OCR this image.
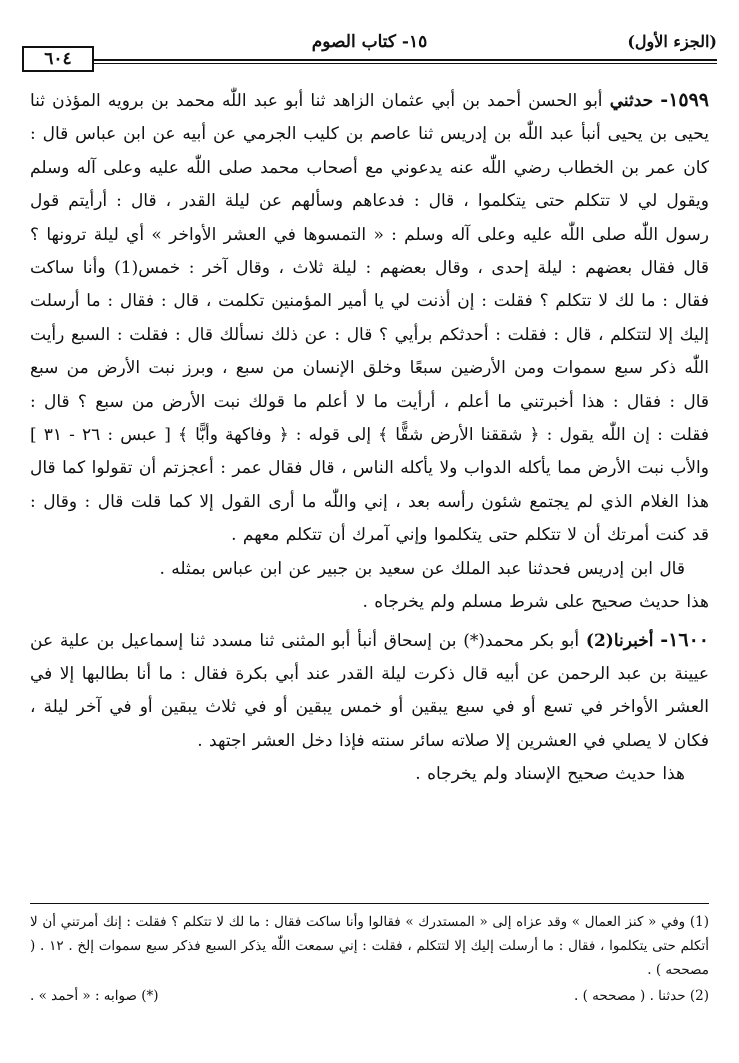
(الجزء الأول)
١٥- كتاب الصوم
٦٠٤

١٥٩٩- حدثني أبو الحسن أحمد بن أبي عثمان الزاهد ثنا أبو عبد اللّٰه محمد بن برويه المؤذن ثنا يحيى بن يحيى أنبأ عبد اللّٰه بن إدريس ثنا عاصم بن كليب الجرمي عن أبيه عن ابن عباس قال : كان عمر بن الخطاب رضي اللّٰه عنه يدعوني مع أصحاب محمد صلى اللّٰه عليه وعلى آله وسلم ويقول لي لا تتكلم حتى يتكلموا ، قال : فدعاهم وسألهم عن ليلة القدر ، قال : أرأيتم قول رسول اللّٰه صلى اللّٰه عليه وعلى آله وسلم : « التمسوها في العشر الأواخر » أي ليلة ترونها ؟ قال فقال بعضهم : ليلة إحدى ، وقال بعضهم : ليلة ثلاث ، وقال آخر : خمس(1) وأنا ساكت فقال : ما لك لا تتكلم ؟ فقلت : إن أذنت لي يا أمير المؤمنين تكلمت ، قال : فقال : ما أرسلت إليك إلا لتتكلم ، قال : فقلت : أحدثكم برأيي ؟ قال : عن ذلك نسألك قال : فقلت : السبع رأيت اللّٰه ذكر سبع سموات ومن الأرضين سبعًا وخلق الإنسان من سبع ، وبرز نبت الأرض من سبع قال : فقال : هذا أخبرتني ما أعلم ، أرأيت ما لا أعلم ما قولك نبت الأرض من سبع ؟ قال : فقلت : إن اللّٰه يقول : ﴿ شققنا الأرض شقًّا ﴾ إلى قوله : ﴿ وفاكهة وأبًّا ﴾ [ عبس : ٢٦ - ٣١ ] والأب نبت الأرض مما يأكله الدواب ولا يأكله الناس ، قال فقال عمر : أعجزتم أن تقولوا كما قال هذا الغلام الذي لم يجتمع شئون رأسه بعد ، إني واللّٰه ما أرى القول إلا كما قلت قال : وقال : قد كنت أمرتك أن لا تتكلم حتى يتكلموا وإني آمرك أن تتكلم معهم .

قال ابن إدريس فحدثنا عبد الملك عن سعيد بن جبير عن ابن عباس بمثله .

هذا حديث صحيح على شرط مسلم ولم يخرجاه .

١٦٠٠- أخبرنا(2) أبو بكر محمد(*) بن إسحاق أنبأ أبو المثنى ثنا مسدد ثنا إسماعيل بن علية عن عيينة بن عبد الرحمن عن أبيه قال ذكرت ليلة القدر عند أبي بكرة فقال : ما أنا بطالبها إلا في العشر الأواخر في تسع أو في سبع يبقين أو خمس يبقين أو في ثلاث يبقين أو في آخر ليلة ، فكان لا يصلي في العشرين إلا صلاته سائر سنته فإذا دخل العشر اجتهد .

هذا حديث صحيح الإسناد ولم يخرجاه .

(1) وفي « كنز العمال » وقد عزاه إلى « المستدرك » فقالوا وأنا ساكت فقال : ما لك لا تتكلم ؟ فقلت : إنك أمرتني أن لا أتكلم حتى يتكلموا ، فقال : ما أرسلت إليك إلا لتتكلم ، فقلت : إني سمعت اللّٰه يذكر السبع فذكر سبع سموات إلخ . ١٢ . ( مصححه ) .

(2) حدثنا . ( مصححه ) .
(*) صوابه : « أحمد » .
